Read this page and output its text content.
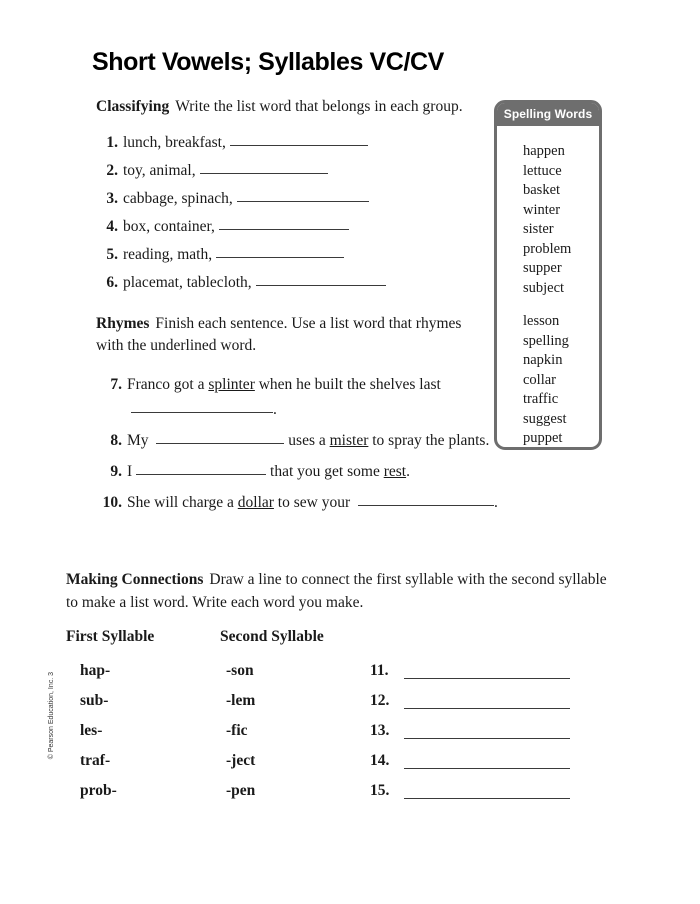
Short Vowels; Syllables VC/CV
Classifying Write the list word that belongs in each group.
1. lunch, breakfast,
2. toy, animal,
3. cabbage, spinach,
4. box, container,
5. reading, math,
6. placemat, tablecloth,
Rhymes Finish each sentence. Use a list word that rhymes with the underlined word.
7. Franco got a splinter when he built the shelves last
.
8. My	uses a mister to spray the plants.
9. I	that you get some rest.
10. She will charge a dollar to sew your	.
Spelling Words
happen
lettuce
basket
winter
sister
problem
supper
subject
lesson
spelling
napkin
collar
traffic
suggest
puppet
Making Connections Draw a line to connect the first syllable with the second syllable to make a list word. Write each word you make.
First Syllable	Second Syllable
hap-	-son	11.
sub-	-lem	12.
les-	-fic	13.
traf-	-ject	14.
prob-	-pen	15.
© Pearson Education, Inc. 3
